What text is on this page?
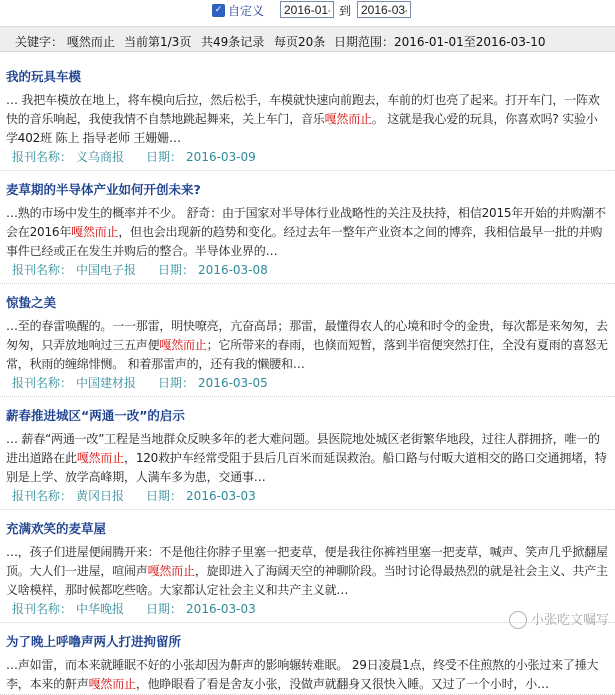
✓ 自定义
2016-01-	到
2016-03-
关键字： 嘎然而止 当前第1/3页 共49条记录 每页20条 日期范围：2016-01-01至2016-03-10
我的玩具车模
… 我把车模放在地上，将车模向后拉，然后松手，车模就快速向前跑去，车前的灯也亮了起来。打开车门，一阵欢快的音乐响起，我使我情不自禁地跳起舞来，关上车门，音乐嘎然而止。 这就是我心爱的玩具，你喜欢吗? 实验小学402班 陈上 指导老师 王姗姗…
报刊名称： 义乌商报 日期： 2016-03-09
麦草期的半导体产业如何开创未来?
…熟的市场中发生的概率并不少。 舒奇：由于国家对半导体行业战略性的关注及扶持，相信2015年开始的并购潮不会在2016年嘎然而止，但也会出现新的趋势和变化。经过去年一整年产业资本之间的博弈，我相信最早一批的并购事件已经或正在发生并购后的整合。半导体业界的…
报刊名称： 中国电子报 日期： 2016-03-08
惊蛰之美
…至的春雷唤醒的。一一那雷，明快嘹亮，亢奋高昂；那雷，最懂得农人的心境和时令的金贵，每次都是来匆匆，去匆匆，只弄放地响过三五声便嘎然而止；它所带来的春雨，也倏而短暂，落到半宿便突然打住，全没有夏雨的喜怒无常，秋雨的缠绵悱恻。 和着那雷声的，还有我的懒腰和…
报刊名称： 中国建材报 日期： 2016-03-05
薪春推进城区“两通一改”的启示
… 薪春“两通一改”工程是当地群众反映多年的老大难问题。县医院地处城区老街繁华地段，过往人群拥挤，唯一的进出道路在此嘎然而止，120救护车经常受阻于县后几百米而延误救治。船口路与付畈大道相交的路口交通拥堵，特别是上学、放学高峰期，人满车多为患，交通事…
报刊名称： 黄冈日报 日期： 2016-03-03
充满欢笑的麦草屋
…，孩子们进屋便闹腾开来：不是他往你脖子里塞一把麦草，便是我往你裤裆里塞一把麦草，喊声、笑声几乎掀翻屋顶。大人们一进屋，喧闹声嘎然而止，旋即进入了海阔天空的神聊阶段。当时讨论得最热烈的就是社会主义、共产主义啥模样，那时候都吃些啥。大家都认定社会主义和共产主义就…
报刊名称： 中华晚报 日期： 2016-03-03
为了晚上呼噜声两人打进拘留所
…声如雷，而本来就睡眠不好的小张却因为鼾声的影响辗转难眠。 29日凌晨1点，终受不住煎熬的小张过来了捶大李，本来的鼾声嘎然而止，他睁眼看了看是舍友小张，没做声就翻身又很快入睡。又过了一个小时，小…
小张吃文嘱写
